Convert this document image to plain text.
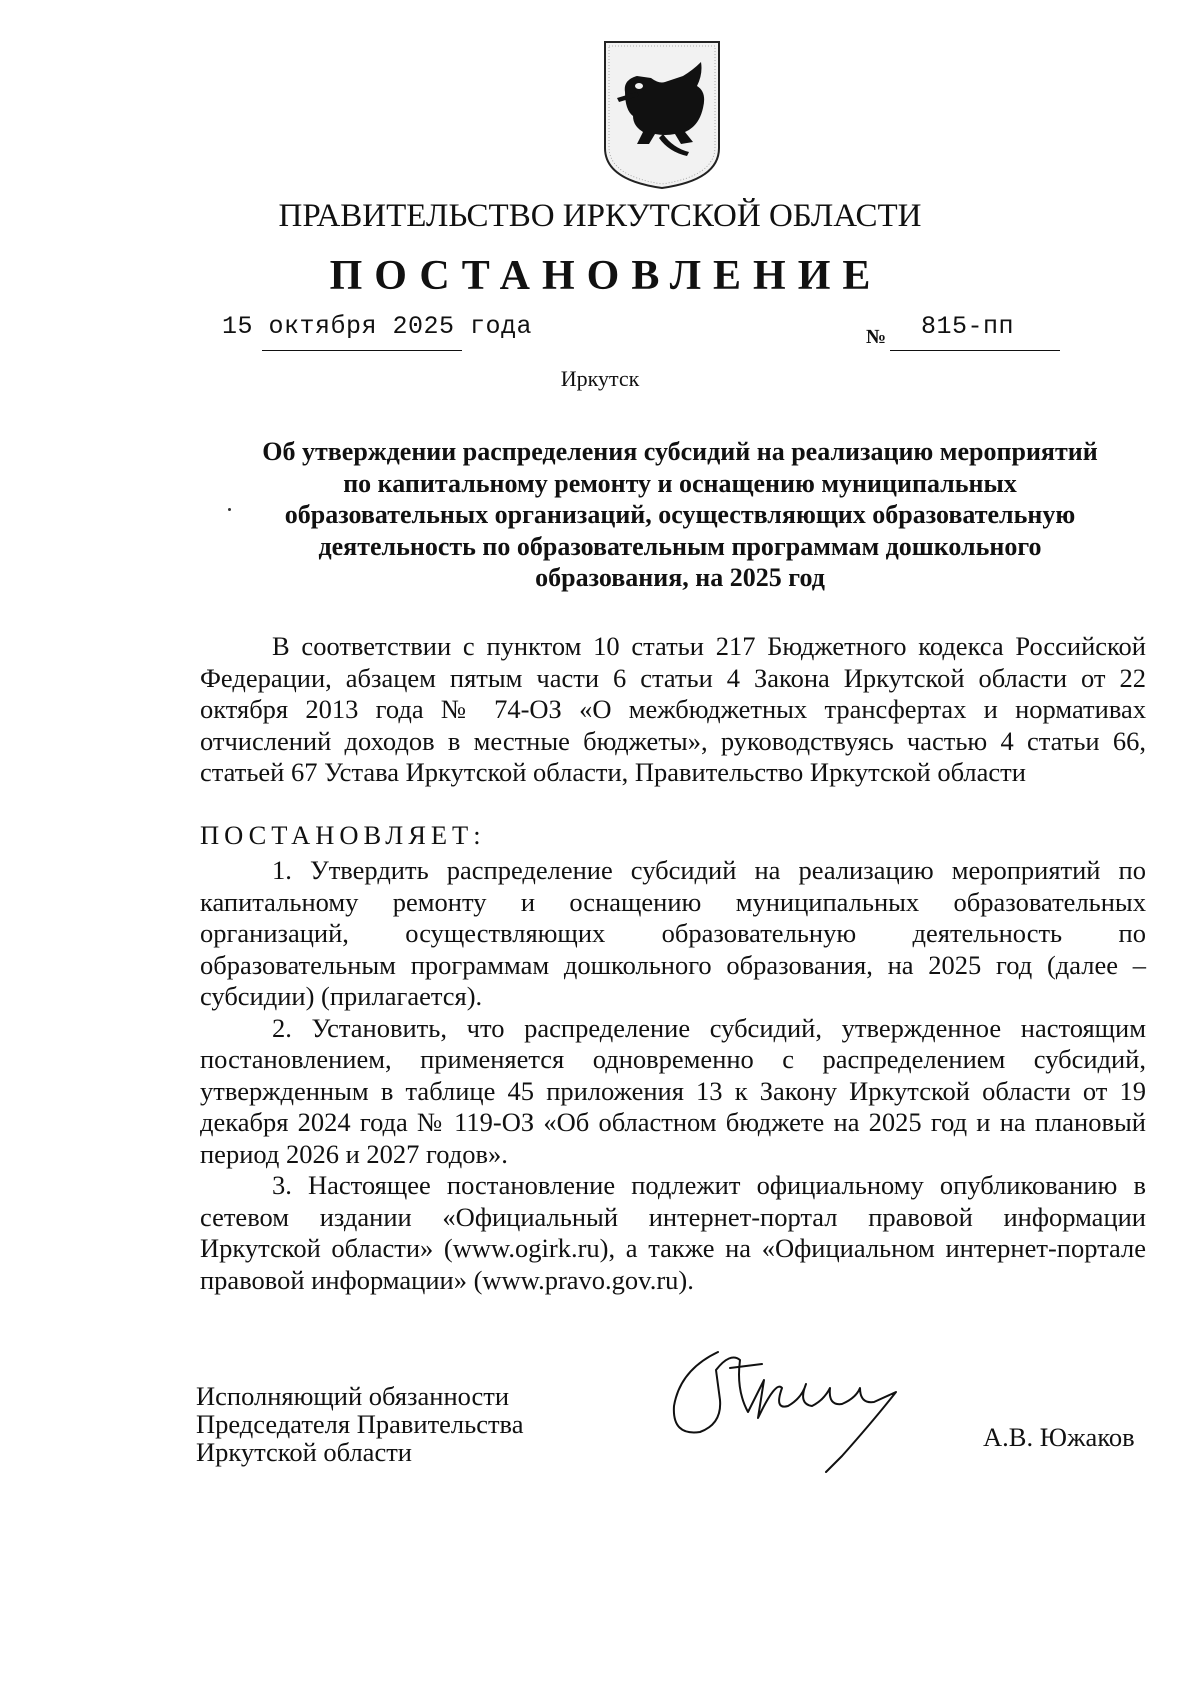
ПРАВИТЕЛЬСТВО ИРКУТСКОЙ ОБЛАСТИ
ПОСТАНОВЛЕНИЕ
15 октября 2025 года	№ 815-пп
Иркутск
Об утверждении распределения субсидий на реализацию мероприятий
по капитальному ремонту и оснащению муниципальных
образовательных организаций, осуществляющих образовательную
деятельность по образовательным программам дошкольного
образования, на 2025 год

В соответствии с пунктом 10 статьи 217 Бюджетного кодекса Российской Федерации, абзацем пятым части 6 статьи 4 Закона Иркутской области от 22 октября 2013 года № 74-ОЗ «О межбюджетных трансфертах и нормативах отчислений доходов в местные бюджеты», руководствуясь частью 4 статьи 66, статьей 67 Устава Иркутской области, Правительство Иркутской области

ПОСТАНОВЛЯЕТ:

1. Утвердить распределение субсидий на реализацию мероприятий по капитальному ремонту и оснащению муниципальных образовательных организаций, осуществляющих образовательную деятельность по образовательным программам дошкольного образования, на 2025 год (далее – субсидии) (прилагается).

2. Установить, что распределение субсидий, утвержденное настоящим постановлением, применяется одновременно с распределением субсидий, утвержденным в таблице 45 приложения 13 к Закону Иркутской области от 19 декабря 2024 года № 119-ОЗ «Об областном бюджете на 2025 год и на плановый период 2026 и 2027 годов».

3. Настоящее постановление подлежит официальному опубликованию в сетевом издании «Официальный интернет-портал правовой информации Иркутской области» (www.ogirk.ru), а также на «Официальном интернет-портале правовой информации» (www.pravo.gov.ru).

Исполняющий обязанности
Председателя Правительства
Иркутской области	А.В. Южаков
